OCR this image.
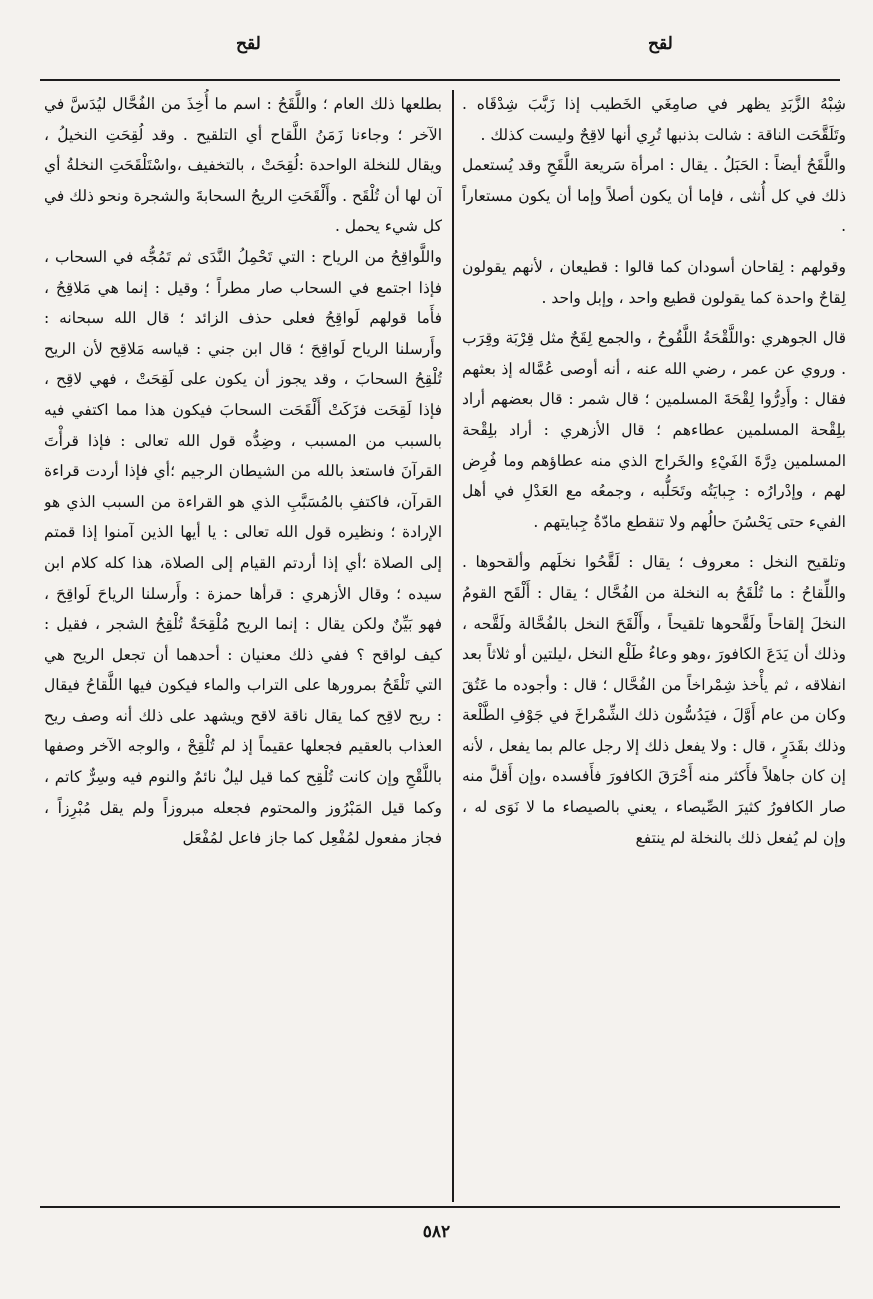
لقح
لقح

شِبْهُ الزَّبَدِ يظهر في صامِغَي الخَطيب إذا زَبَّبَ شِدْقَاه . وتَلَقَّحَت الناقة : شالت بذنبها تُرِي أنها لاقِحٌ وليست كذلك .

واللَّقَحُ أيضاً : الحَبَلُ . يقال : امرأة سَريعة اللَّقَحِ وقد يُستعمل ذلك في كل أُنثى ، فإما أن يكون أصلاً وإما أن يكون مستعاراً .

وقولهم : لِقاحان أسودان كما قالوا : قطيعان ، لأنهم يقولون لِقاحٌ واحدة كما يقولون قطيع واحد ، وإبل واحد .

قال الجوهري :واللَّقْحَةُ اللَّقُوحُ ، والجمع لِقَحٌ مثل قِرْبَة وقِرَب . وروي عن عمر ، رضي الله عنه ، أنه أوصى عُمَّاله إذ بعثهم فقال : وأَدِرُّوا لِقْحَةَ المسلمين ؛ قال شمر : قال بعضهم أراد بلِقْحة المسلمين عطاءهم ؛ قال الأزهري : أراد بلِقْحة المسلمين دِرَّةَ الفَيْءِ والخَراج الذي منه عطاؤهم وما فُرِض لهم ، وإدْرارُه : جِبايَتُه وتَحَلُّبه ، وجمعُه مع العَدْلِ في أهل الفيء حتى يَحْسُنَ حالُهم ولا تنقطع مادّةُ جِبايتهم .

وتلقيح النخل : معروف ؛ يقال : لَقَّحُوا نخلَهم وألقحوها . واللِّقاحُ : ما تُلْقَحُ به النخلة من الفُحَّال ؛ يقال : أَلْقَح القومُ النخلَ إلقاحاً ولَقَّحوها تلقيحاً ، وأَلْقَحَ النخل بالفُحَّالة ولَقَّحه ، وذلك أن يَدَعَ الكافورَ ،وهو وعاءُ طَلْع النخل ،ليلتين أو ثلاثاً بعد انفلاقه ، ثم يأْخذ شِمْراخاً من الفُحَّال ؛ قال : وأجوده ما عَتُقَ وكان من عام أَوَّلَ ، فيَدُسُّون ذلك الشِّمْراخَ في جَوْفِ الطَّلْعة وذلك بقَدَرٍ ، قال : ولا يفعل ذلك إلا رجل عالم بما يفعل ، لأنه إن كان جاهلاً فأَكثر منه أَحْرَقَ الكافورَ فأَفسده ،وإن أَقلَّ منه صار الكافورُ كثيرَ الصِّيصاء ، يعني بالصيصاء ما لا نَوَى له ، وإن لم يُفعل ذلك بالنخلة لم ينتفع

بطلعها ذلك العام ؛ واللَّقَحُ : اسم ما أُخِذَ من الفُحَّال ليُدَسَّ في الآخر ؛ وجاءنا زَمَنُ اللَّقاح أي التلقيح . وقد لُقِحَتِ النخيلُ ، ويقال للنخلة الواحدة :لُقِحَتْ ، بالتخفيف ،واسْتَلْقَحَتِ النخلةُ أي آن لها أن تُلْقَح . وأَلْقَحَتِ الريحُ السحابةَ والشجرة ونحو ذلك في كل شيء يحمل .

واللَّواقِحُ من الرياح : التي تَحْمِلُ النَّدَى ثم تَمُجُّه في السحاب ، فإذا اجتمع في السحاب صار مطراً ؛ وقيل : إنما هي مَلاقِحُ ، فأَما قولهم لَواقِحُ فعلى حذف الزائد ؛ قال الله سبحانه : وأَرسلنا الرياح لَواقِحَ ؛ قال ابن جني : قياسه مَلاقِح لأن الريح تُلْقِحُ السحابَ ، وقد يجوز أن يكون على لَقِحَتْ ، فهي لاقِح ، فإذا لَقِحَت فزَكَتْ أَلْقَحَت السحابَ فيكون هذا مما اكتفي فيه بالسبب من المسبب ، وضِدُّه قول الله تعالى : فإذا قرأْتَ القرآنَ فاستعذ بالله من الشيطان الرجيم ؛أي فإذا أردت قراءة القرآن، فاكتفِ بالمُسَبَّبِ الذي هو القراءة من السبب الذي هو الإرادة ؛ ونظيره قول الله تعالى : يا أيها الذين آمنوا إذا قمتم إلى الصلاة ؛أي إذا أردتم القيام إلى الصلاة، هذا كله كلام ابن سيده ؛ وقال الأزهري : قرأها حمزة : وأَرسلنا الرياحَ لَواقِحَ ، فهو بَيِّنٌ ولكن يقال : إنما الريح مُلْقِحَةٌ تُلْقِحُ الشجر ، فقيل : كيف لواقح ؟ ففي ذلك معنيان : أحدهما أن تجعل الريح هي التي تَلْقَحُ بمرورها على التراب والماء فيكون فيها اللَّقاحُ فيقال : ريح لاقِح كما يقال ناقة لاقح ويشهد على ذلك أنه وصف ريح العذاب بالعقيم فجعلها عقيماً إذ لم تُلْقِحْ ، والوجه الآخر وصفها باللَّقْحِ وإن كانت تُلْقِح كما قيل ليلٌ نائمٌ والنوم فيه وسِرٌّ كاتم ، وكما قيل المَبْرُوز والمحتوم فجعله مبروزاً ولم يقل مُبْرِزاً ، فجاز مفعول لمُفْعِل كما جاز فاعل لمُفْعَل

٥٨٢
